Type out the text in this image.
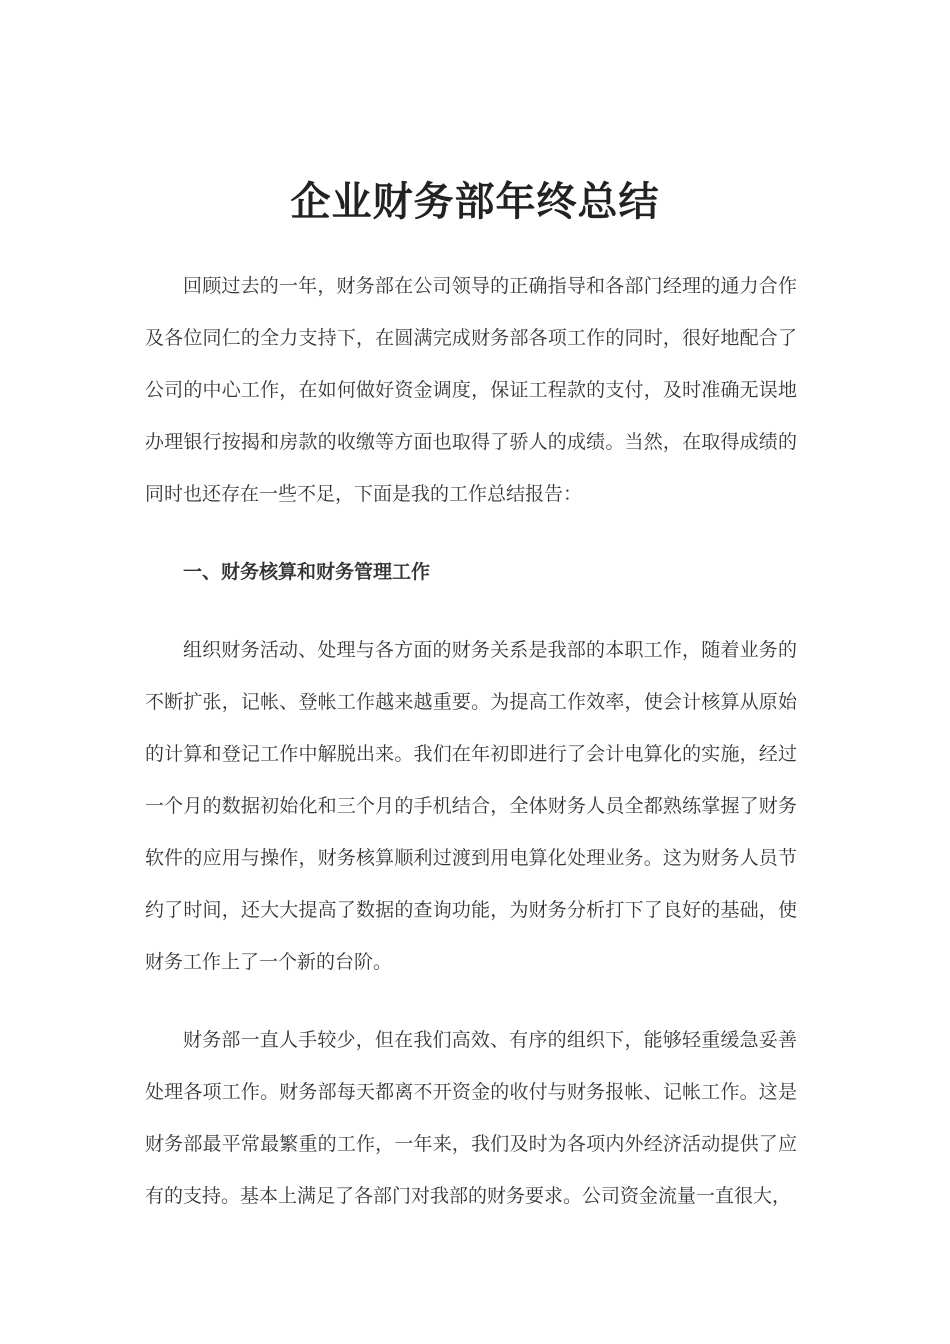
企业财务部年终总结

回顾过去的一年，财务部在公司领导的正确指导和各部门经理的通力合作及各位同仁的全力支持下，在圆满完成财务部各项工作的同时，很好地配合了公司的中心工作，在如何做好资金调度，保证工程款的支付，及时准确无误地办理银行按揭和房款的收缴等方面也取得了骄人的成绩。当然，在取得成绩的同时也还存在一些不足，下面是我的工作总结报告：

一、财务核算和财务管理工作

组织财务活动、处理与各方面的财务关系是我部的本职工作，随着业务的不断扩张，记帐、登帐工作越来越重要。为提高工作效率，使会计核算从原始的计算和登记工作中解脱出来。我们在年初即进行了会计电算化的实施，经过一个月的数据初始化和三个月的手机结合，全体财务人员全都熟练掌握了财务软件的应用与操作，财务核算顺利过渡到用电算化处理业务。这为财务人员节约了时间，还大大提高了数据的查询功能，为财务分析打下了良好的基础，使财务工作上了一个新的台阶。

财务部一直人手较少，但在我们高效、有序的组织下，能够轻重缓急妥善处理各项工作。财务部每天都离不开资金的收付与财务报帐、记帐工作。这是财务部最平常最繁重的工作，一年来，我们及时为各项内外经济活动提供了应有的支持。基本上满足了各部门对我部的财务要求。公司资金流量一直很大，
